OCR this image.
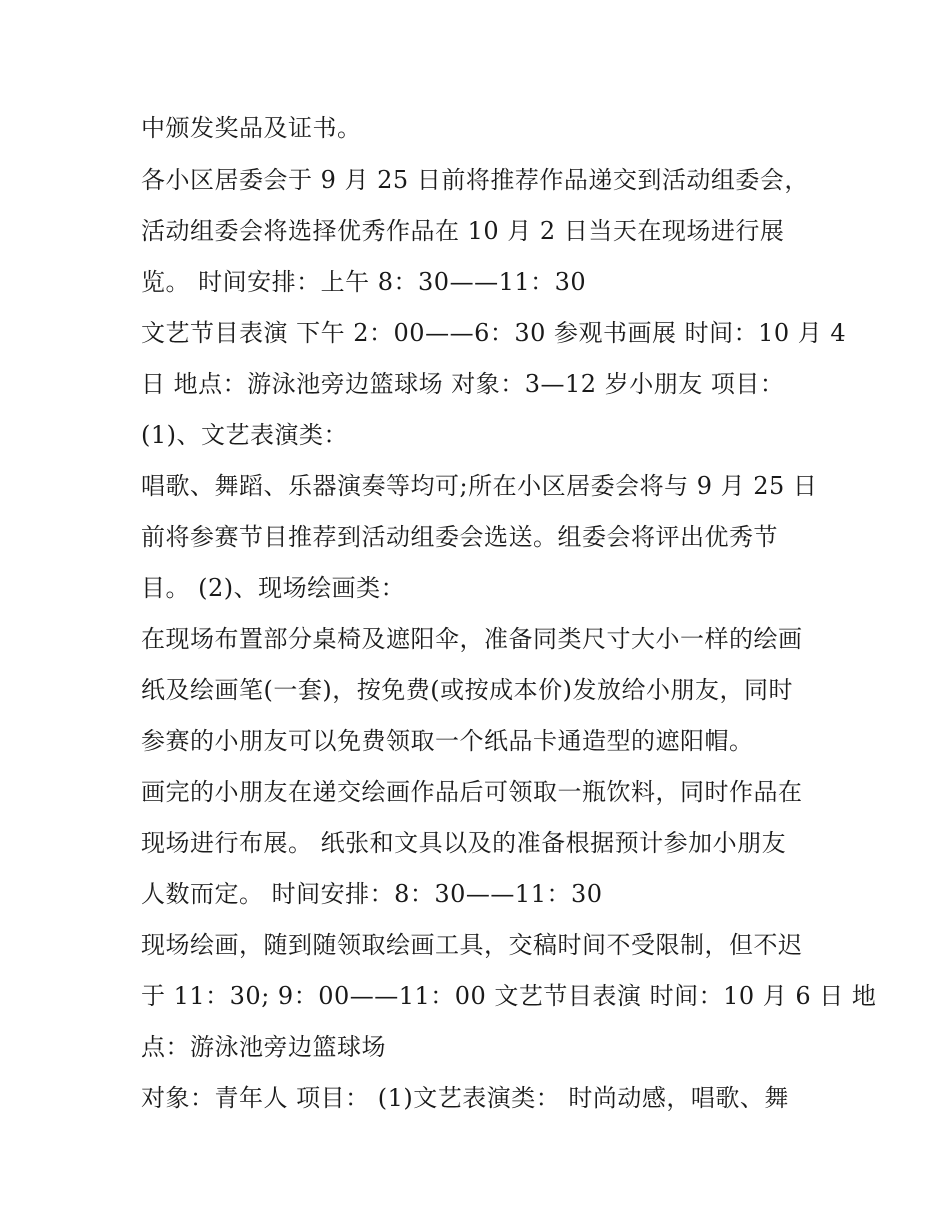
中颁发奖品及证书。
各小区居委会于 9 月 25 日前将推荐作品递交到活动组委会，
活动组委会将选择优秀作品在 10 月 2 日当天在现场进行展
览。 时间安排：上午 8：30——11：30
文艺节目表演 下午 2：00——6：30 参观书画展 时间：10 月 4
日 地点：游泳池旁边篮球场 对象：3—12 岁小朋友 项目：
(1)、文艺表演类：
唱歌、舞蹈、乐器演奏等均可;所在小区居委会将与 9 月 25 日
前将参赛节目推荐到活动组委会选送。组委会将评出优秀节
目。 (2)、现场绘画类：
在现场布置部分桌椅及遮阳伞，准备同类尺寸大小一样的绘画
纸及绘画笔(一套)，按免费(或按成本价)发放给小朋友，同时
参赛的小朋友可以免费领取一个纸品卡通造型的遮阳帽。
画完的小朋友在递交绘画作品后可领取一瓶饮料，同时作品在
现场进行布展。 纸张和文具以及的准备根据预计参加小朋友
人数而定。 时间安排：8：30——11：30
现场绘画，随到随领取绘画工具，交稿时间不受限制，但不迟
于 11：30; 9：00——11：00 文艺节目表演 时间：10 月 6 日 地
点：游泳池旁边篮球场
对象：青年人 项目： (1)文艺表演类： 时尚动感，唱歌、舞
